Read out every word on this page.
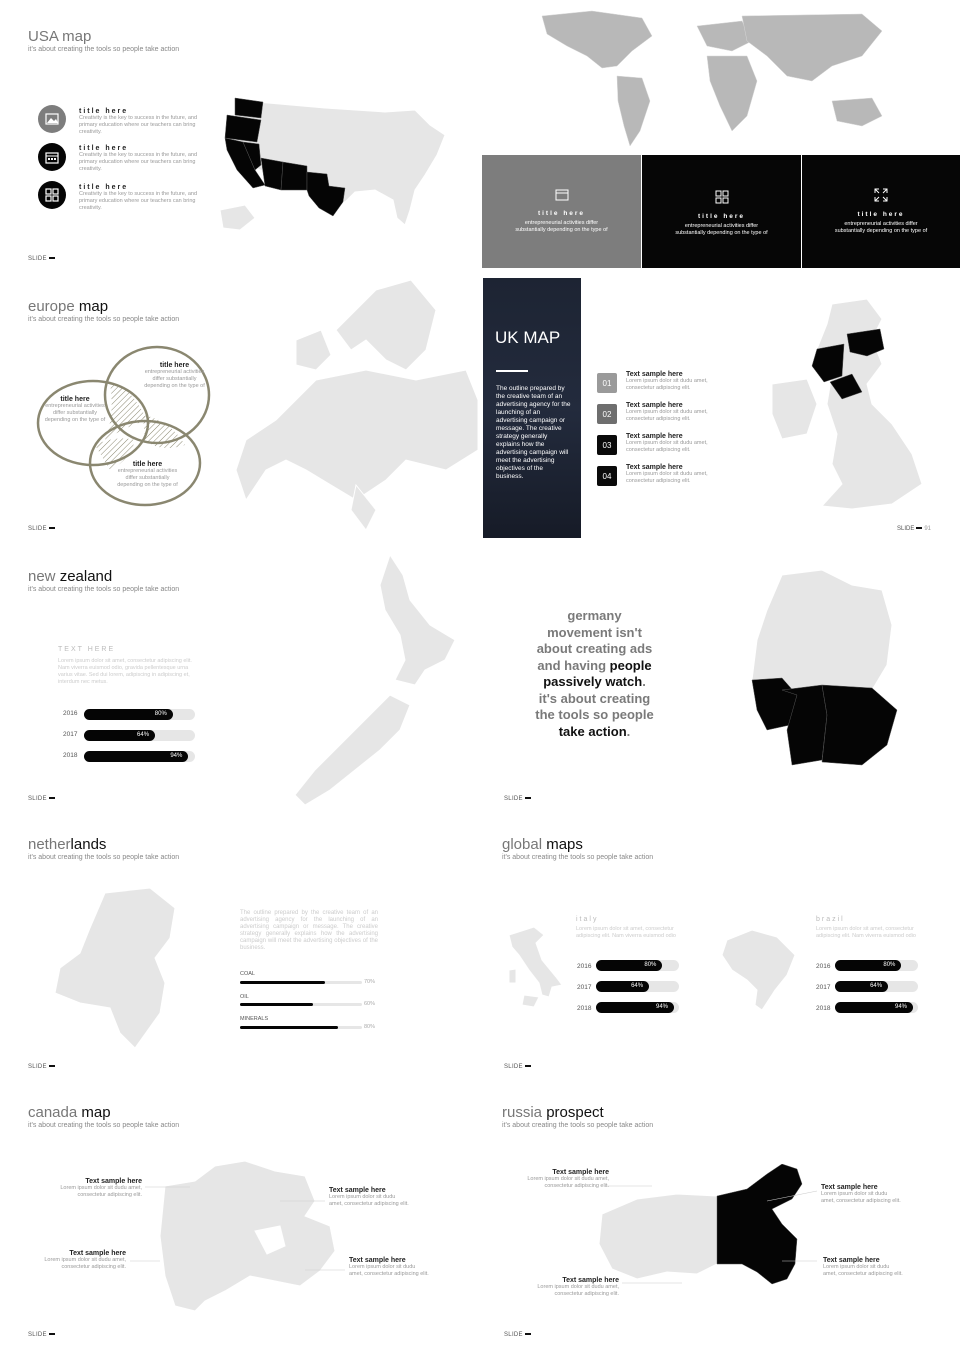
USA map
it's about creating the tools so people take action
title here
Creativity is the key to success in the future, and primary education where our teachers can bring creativity.
title here
Creativity is the key to success in the future, and primary education where our teachers can bring creativity.
title here
Creativity is the key to success in the future, and primary education where our teachers can bring creativity.
SLIDE
title here
entrepreneurial activities differ substantially depending on the type of
title here
entrepreneurial activities differ substantially depending on the type of
title here
entrepreneurial activities differ substantially depending on the type of
europe map
it's about creating the tools so people take action
title here
entrepreneurial activities differ substantially depending on the type of
title here
entrepreneurial activities differ substantially depending on the type of
title here
entrepreneurial activities differ substantially depending on the type of
SLIDE
UK MAP
The outline prepared by the creative team of an advertising agency for the launching of an advertising campaign or message. The creative strategy generally explains how the advertising campaign will meet the advertising objectives of the business.
01
Text sample here
Lorem ipsum dolor sit dudu amet, consectetur adipiscing elit.
02
Text sample here
Lorem ipsum dolor sit dudu amet, consectetur adipiscing elit.
03
Text sample here
Lorem ipsum dolor sit dudu amet, consectetur adipiscing elit.
04
Text sample here
Lorem ipsum dolor sit dudu amet, consectetur adipiscing elit.
SLIDE 91
new zealand
it's about creating the tools so people take action
TEXT HERE
Lorem ipsum dolor sit amet, consectetur adipiscing elit. Nam viverra euismod odio, gravida pellentesque urna varius vitae. Sed dui lorem, adipiscing in adipiscing et, interdum nec metus.
2016	80%
2017	64%
2018	94%
SLIDE
germany
movement isn't
about creating ads
and having people
passively watch.
it's about creating
the tools so people
take action.
SLIDE
netherlands
it's about creating the tools so people take action
The outline prepared by the creative team of an advertising agency for the launching of an advertising campaign or message. The creative strategy generally explains how the advertising campaign will meet the advertising objectives of the business.
COAL
70%
OIL
60%
MINERALS
80%
SLIDE
global maps
it's about creating the tools so people take action
italy
Lorem ipsum dolor sit amet, consectetur adipiscing elit. Nam viverra euismod odio
brazil
Lorem ipsum dolor sit amet, consectetur adipiscing elit. Nam viverra euismod odio
2016	80%
2017	64%
2018	94%
2016	80%
2017	64%
2018	94%
SLIDE
canada map
it's about creating the tools so people take action
Text sample here
Lorem ipsum dolor sit dudu amet, consectetur adipiscing elit.
Text sample here
Lorem ipsum dolor sit dudu amet, consectetur adipiscing elit.
Text sample here
Lorem ipsum dolor sit dudu amet, consectetur adipiscing elit.
Text sample here
Lorem ipsum dolor sit dudu amet, consectetur adipiscing elit.
SLIDE
russia prospect
it's about creating the tools so people take action
Text sample here
Lorem ipsum dolor sit dudu amet, consectetur adipiscing elit.	Text sample here
Lorem ipsum dolor sit dudu amet, consectetur adipiscing elit.
Text sample here
Lorem ipsum dolor sit dudu amet, consectetur adipiscing elit.
Text sample here
Lorem ipsum dolor sit dudu amet, consectetur adipiscing elit.
SLIDE
